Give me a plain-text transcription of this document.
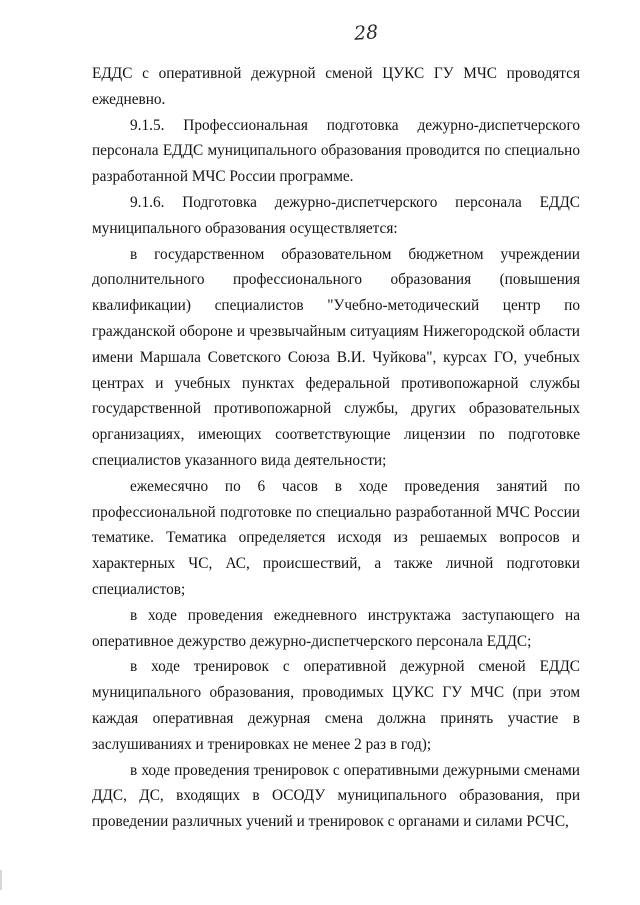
28

ЕДДС с оперативной дежурной сменой ЦУКС ГУ МЧС проводятся ежедневно.

9.1.5. Профессиональная подготовка дежурно-диспетчерского персонала ЕДДС муниципального образования проводится по специально разработанной МЧС России программе.

9.1.6. Подготовка дежурно-диспетчерского персонала ЕДДС муниципального образования осуществляется:

в государственном образовательном бюджетном учреждении дополнительного профессионального образования (повышения квалификации) специалистов "Учебно-методический центр по гражданской обороне и чрезвычайным ситуациям Нижегородской области имени Маршала Советского Союза В.И. Чуйкова", курсах ГО, учебных центрах и учебных пунктах федеральной противопожарной службы государственной противопожарной службы, других образовательных организациях, имеющих соответствующие лицензии по подготовке специалистов указанного вида деятельности;

ежемесячно по 6 часов в ходе проведения занятий по профессиональной подготовке по специально разработанной МЧС России тематике. Тематика определяется исходя из решаемых вопросов и характерных ЧС, АС, происшествий, а также личной подготовки специалистов;

в ходе проведения ежедневного инструктажа заступающего на оперативное дежурство дежурно-диспетчерского персонала ЕДДС;

в ходе тренировок с оперативной дежурной сменой ЕДДС муниципального образования, проводимых ЦУКС ГУ МЧС (при этом каждая оперативная дежурная смена должна принять участие в заслушиваниях и тренировках не менее 2 раз в год);

в ходе проведения тренировок с оперативными дежурными сменами ДДС, ДС, входящих в ОСОДУ муниципального образования, при проведении различных учений и тренировок с органами и силами РСЧС,
